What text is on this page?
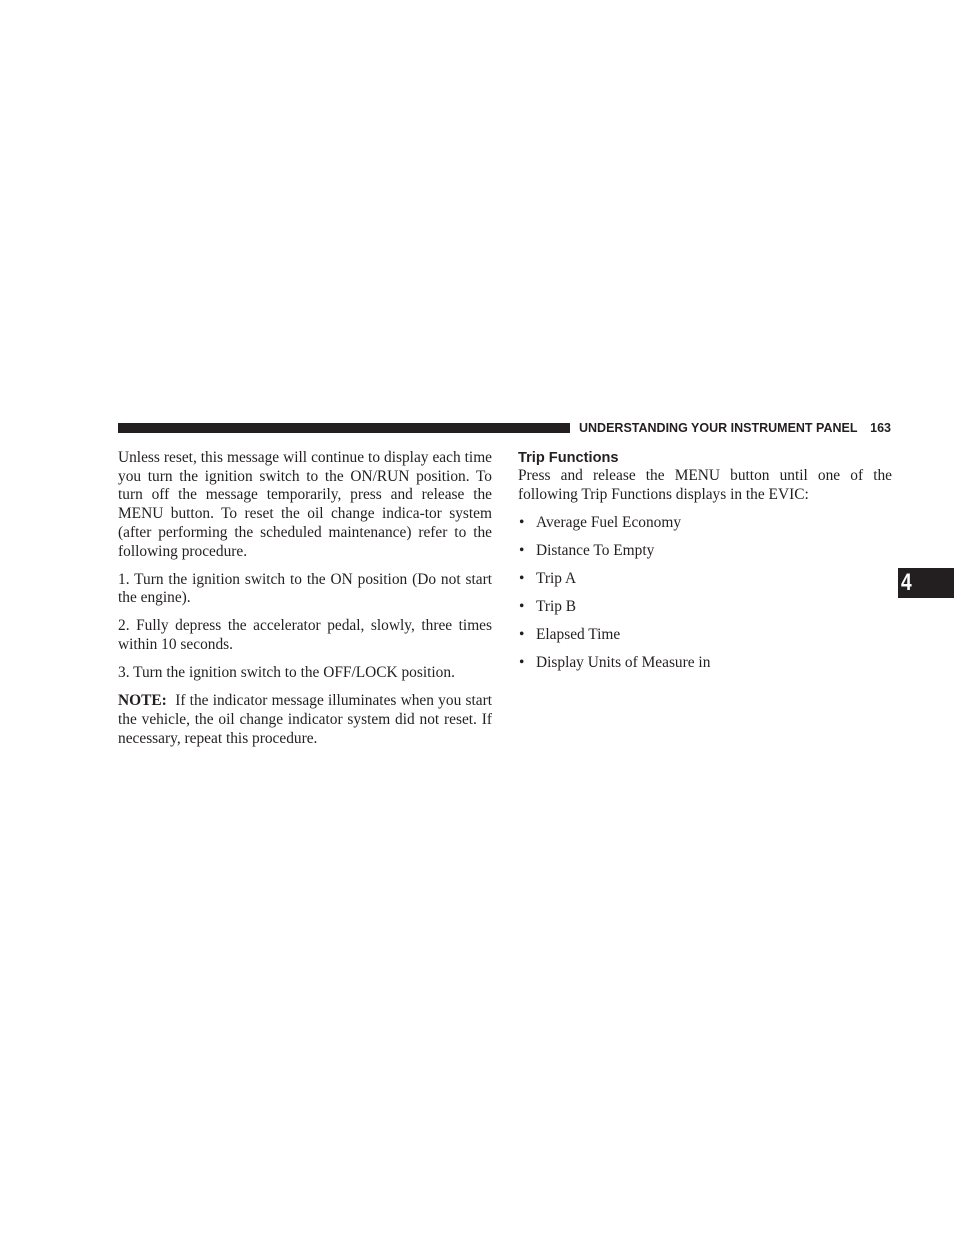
UNDERSTANDING YOUR INSTRUMENT PANEL 163
4

Unless reset, this message will continue to display each time you turn the ignition switch to the ON/RUN position. To turn off the message temporarily, press and release the MENU button. To reset the oil change indica-tor system (after performing the scheduled maintenance) refer to the following procedure.

1. Turn the ignition switch to the ON position (Do not start the engine).

2. Fully depress the accelerator pedal, slowly, three times within 10 seconds.

3. Turn the ignition switch to the OFF/LOCK position.

NOTE: If the indicator message illuminates when you start the vehicle, the oil change indicator system did not reset. If necessary, repeat this procedure.

Trip Functions

Press and release the MENU button until one of the following Trip Functions displays in the EVIC:

• Average Fuel Economy
• Distance To Empty
• Trip A
• Trip B
• Elapsed Time
• Display Units of Measure in
